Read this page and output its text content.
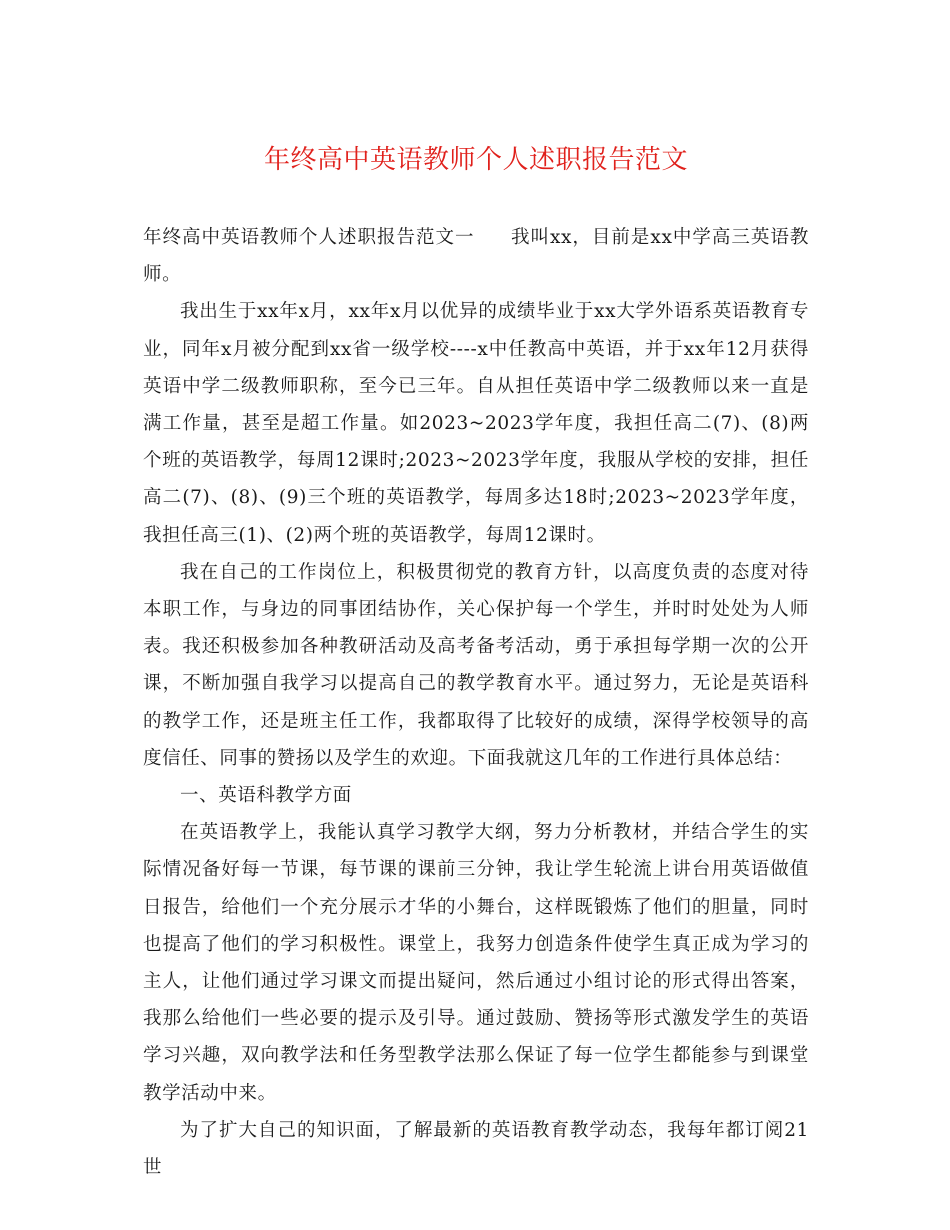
年终高中英语教师个人述职报告范文

年终高中英语教师个人述职报告范文一 我叫xx，目前是xx中学高三英语教师。

我出生于xx年x月，xx年x月以优异的成绩毕业于xx大学外语系英语教育专业，同年x月被分配到xx省一级学校----x中任教高中英语，并于xx年12月获得英语中学二级教师职称，至今已三年。自从担任英语中学二级教师以来一直是满工作量，甚至是超工作量。如2023~2023学年度，我担任高二(7)、(8)两个班的英语教学，每周12课时;2023~2023学年度，我服从学校的安排，担任高二(7)、(8)、(9)三个班的英语教学，每周多达18时;2023~2023学年度，我担任高三(1)、(2)两个班的英语教学，每周12课时。

我在自己的工作岗位上，积极贯彻党的教育方针，以高度负责的态度对待本职工作，与身边的同事团结协作，关心保护每一个学生，并时时处处为人师表。我还积极参加各种教研活动及高考备考活动，勇于承担每学期一次的公开课，不断加强自我学习以提高自己的教学教育水平。通过努力，无论是英语科的教学工作，还是班主任工作，我都取得了比较好的成绩，深得学校领导的高度信任、同事的赞扬以及学生的欢迎。下面我就这几年的工作进行具体总结：

一、英语科教学方面

在英语教学上，我能认真学习教学大纲，努力分析教材，并结合学生的实际情况备好每一节课，每节课的课前三分钟，我让学生轮流上讲台用英语做值日报告，给他们一个充分展示才华的小舞台，这样既锻炼了他们的胆量，同时也提高了他们的学习积极性。课堂上，我努力创造条件使学生真正成为学习的主人，让他们通过学习课文而提出疑问，然后通过小组讨论的形式得出答案，我那么给他们一些必要的提示及引导。通过鼓励、赞扬等形式激发学生的英语学习兴趣，双向教学法和任务型教学法那么保证了每一位学生都能参与到课堂教学活动中来。

为了扩大自己的知识面，了解最新的英语教育教学动态，我每年都订阅21世
